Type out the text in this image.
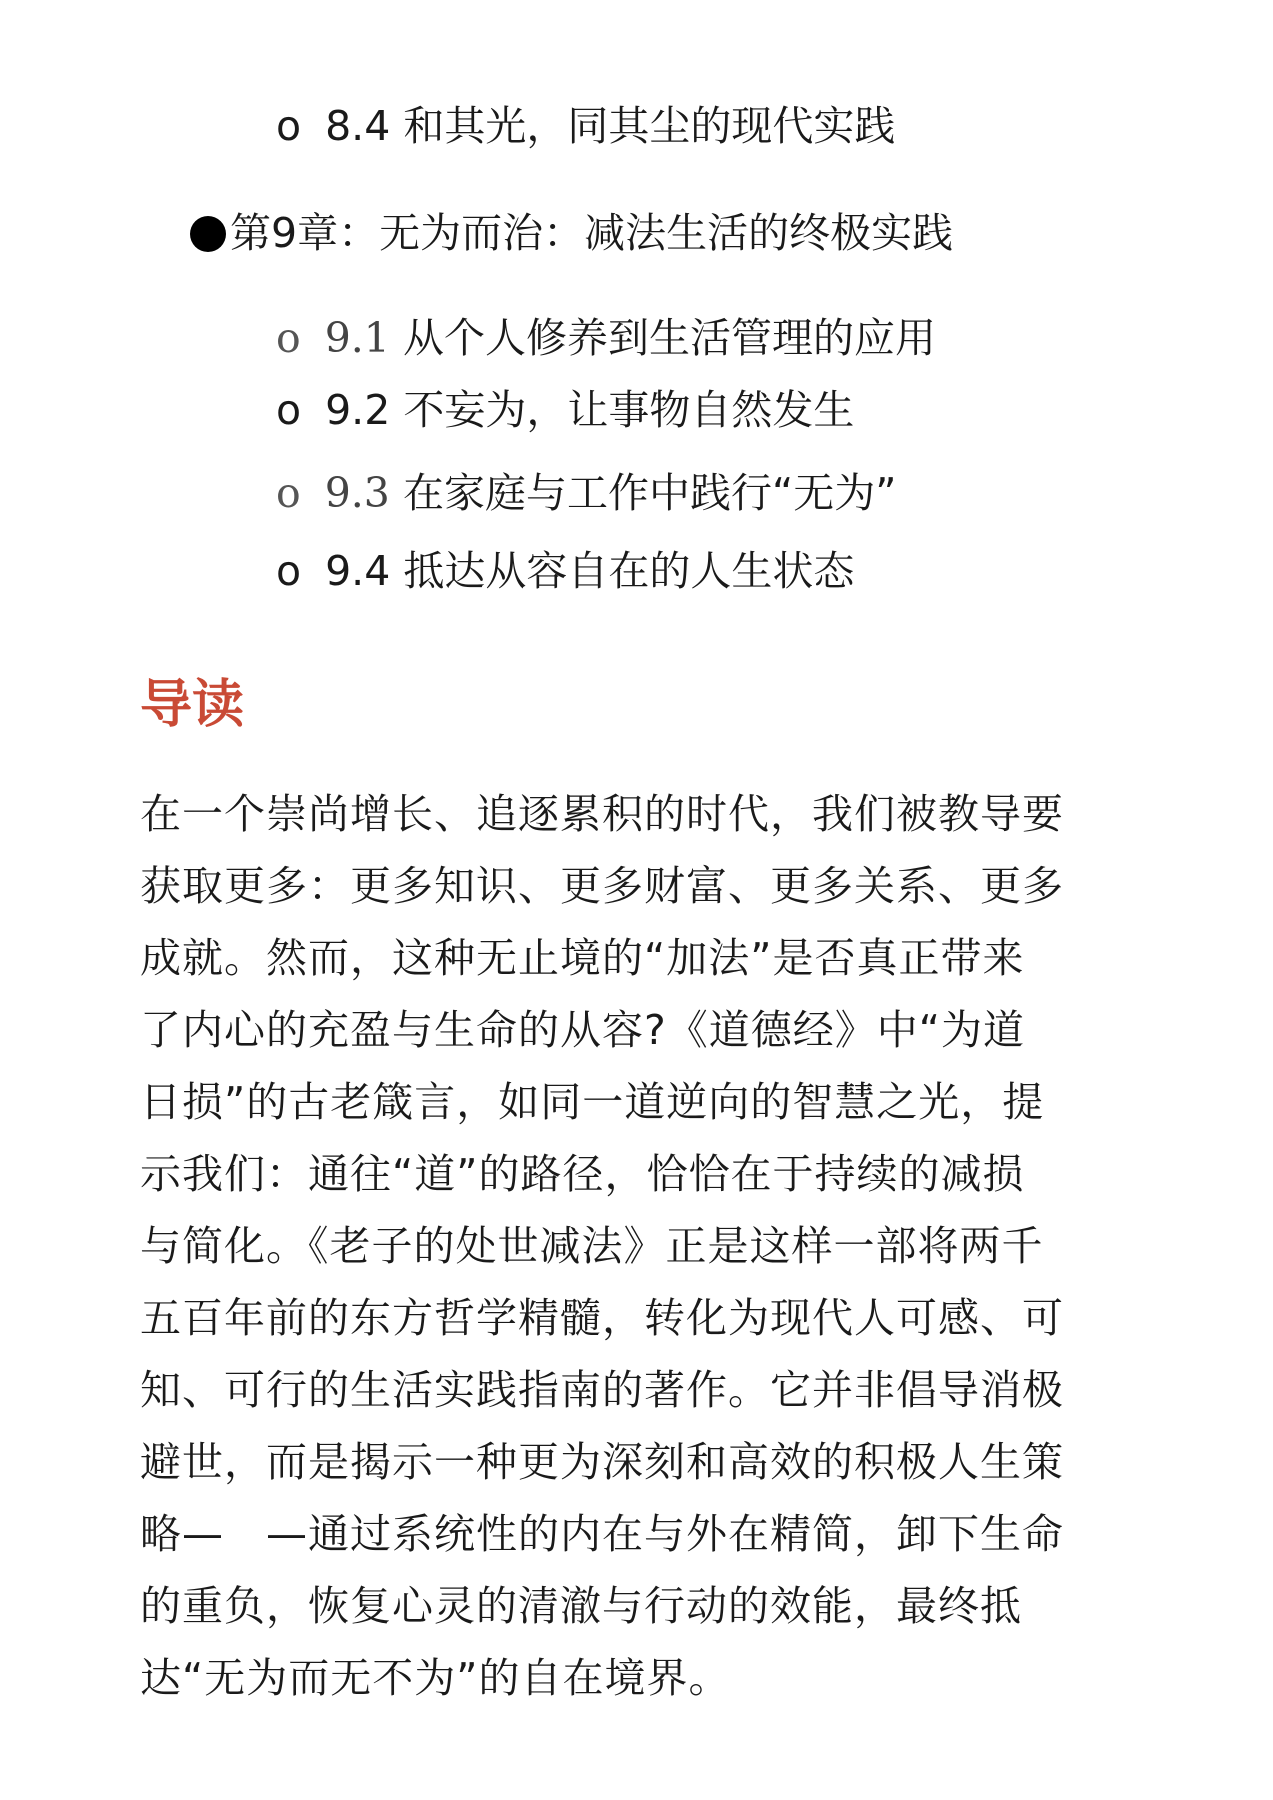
o 8.4 和其光，同其尘的现代实践
第9章：无为而治：减法生活的终极实践
o 9.1 从个人修养到生活管理的应用
o 9.2 不妄为，让事物自然发生
o 9.3 在家庭与工作中践行“无为”
o 9.4 抵达从容自在的人生状态
导读
在一个崇尚增长、追逐累积的时代，我们被教导要
获取更多：更多知识、更多财富、更多关系、更多
成就。然而，这种无止境的“加法”是否真正带来
了内心的充盈与生命的从容?《道德经》中“为道
日损”的古老箴言，如同一道逆向的智慧之光，提
示我们：通往“道”的路径，恰恰在于持续的减损
与简化。《老子的处世减法》正是这样一部将两千
五百年前的东方哲学精髓，转化为现代人可感、可
知、可行的生活实践指南的著作。它并非倡导消极
避世，而是揭示一种更为深刻和高效的积极人生策
略—　—通过系统性的内在与外在精简，卸下生命
的重负，恢复心灵的清澈与行动的效能，最终抵
达“无为而无不为”的自在境界。
